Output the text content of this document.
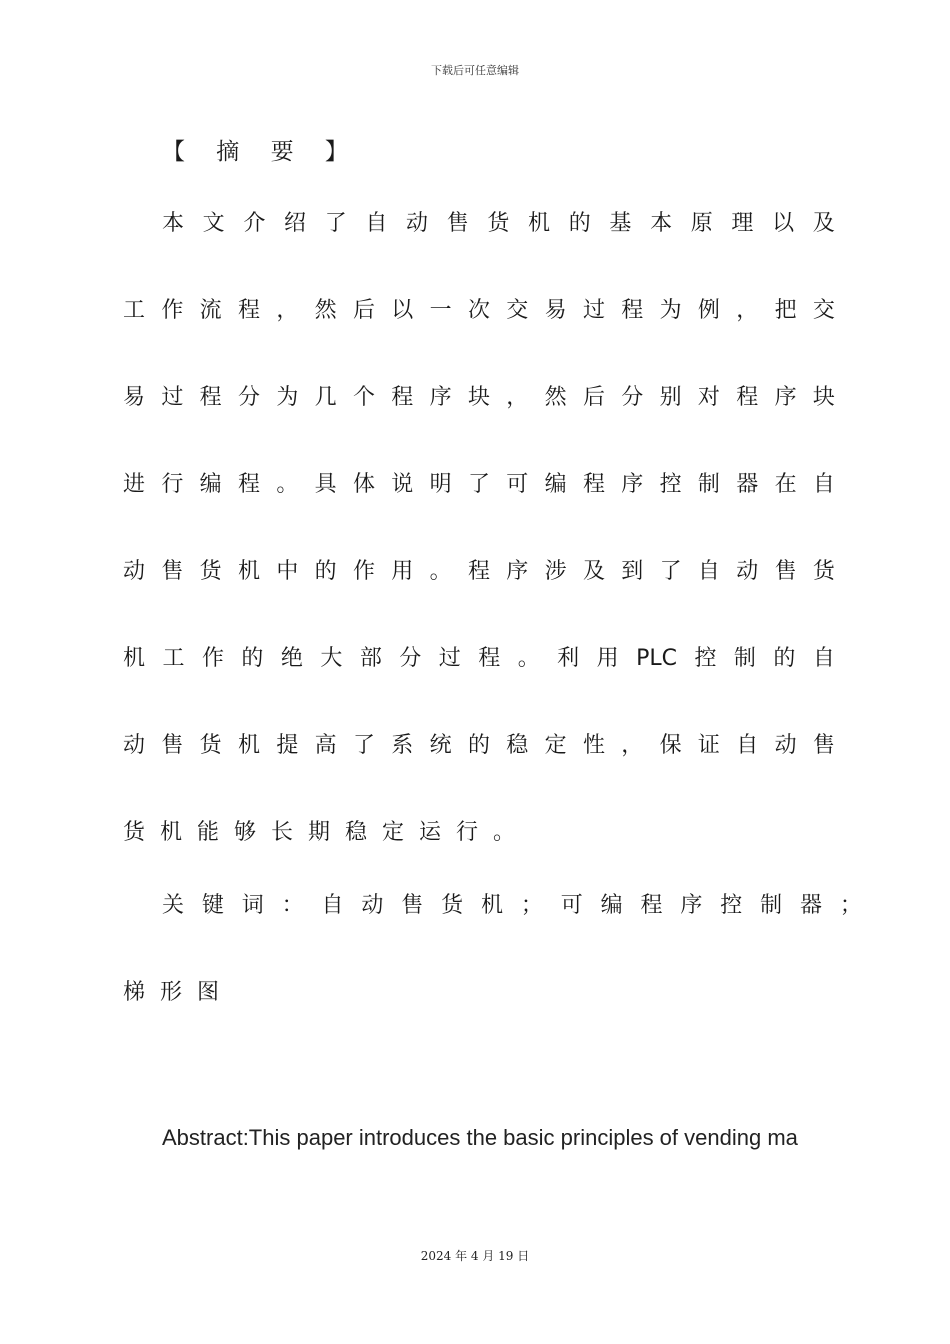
下载后可任意编辑
【 摘 要 】
本 文 介 绍 了 自 动 售 货 机 的 基 本 原 理 以 及
工 作 流 程 ， 然 后 以 一 次 交 易 过 程 为 例 ， 把 交
易 过 程 分 为 几 个 程 序 块 ， 然 后 分 别 对 程 序 块
进 行 编 程 。 具 体 说 明 了 可 编 程 序 控 制 器 在 自
动 售 货 机 中 的 作 用 。 程 序 涉 及 到 了 自 动 售 货
机 工 作 的 绝 大 部 分 过 程 。 利 用 PLC 控 制 的 自
动 售 货 机 提 高 了 系 统 的 稳 定 性 ， 保 证 自 动 售
货机能够长期稳定运行。
关 键 词 ： 自 动 售 货 机 ； 可 编 程 序 控 制 器 ；
梯形图
Abstract:This paper introduces the basic principles of vending ma
2024 年 4 月 19 日
